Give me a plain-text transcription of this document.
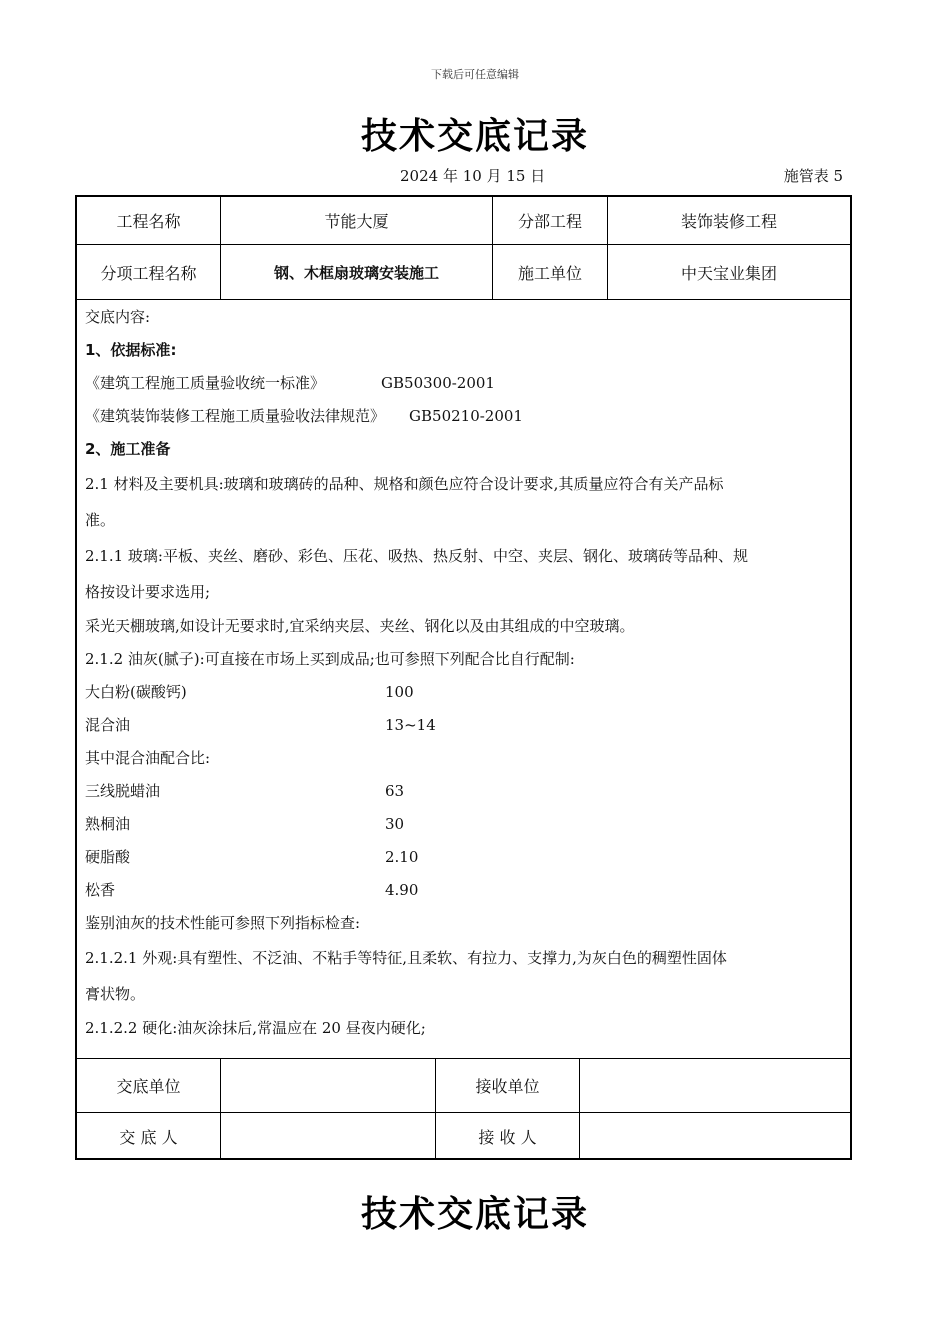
下载后可任意编辑
技术交底记录
2024 年 10 月 15 日	施管表 5
工程名称	节能大厦	分部工程	装饰装修工程
分项工程名称	钢、木框扇玻璃安装施工	施工单位	中天宝业集团
交底内容:
1、依据标准:
《建筑工程施工质量验收统一标准》	GB50300-2001
《建筑装饰装修工程施工质量验收法律规范》 GB50210-2001
2、施工准备
2.1 材料及主要机具:玻璃和玻璃砖的品种、规格和颜色应符合设计要求,其质量应符合有关产品标
准。
2.1.1 玻璃:平板、夹丝、磨砂、彩色、压花、吸热、热反射、中空、夹层、钢化、玻璃砖等品种、规
格按设计要求选用;
采光天棚玻璃,如设计无要求时,宜采纳夹层、夹丝、钢化以及由其组成的中空玻璃。
2.1.2 油灰(腻子):可直接在市场上买到成品;也可参照下列配合比自行配制:
大白粉(碳酸钙)	100
混合油	13~14
其中混合油配合比:
三线脱蜡油	63
熟桐油	30
硬脂酸	2.10
松香	4.90
鉴别油灰的技术性能可参照下列指标检查:
2.1.2.1 外观:具有塑性、不泛油、不粘手等特征,且柔软、有拉力、支撑力,为灰白色的稠塑性固体
膏状物。
2.1.2.2 硬化:油灰涂抹后,常温应在 20 昼夜内硬化;
交底单位	接收单位
交 底 人	接 收 人
技术交底记录
